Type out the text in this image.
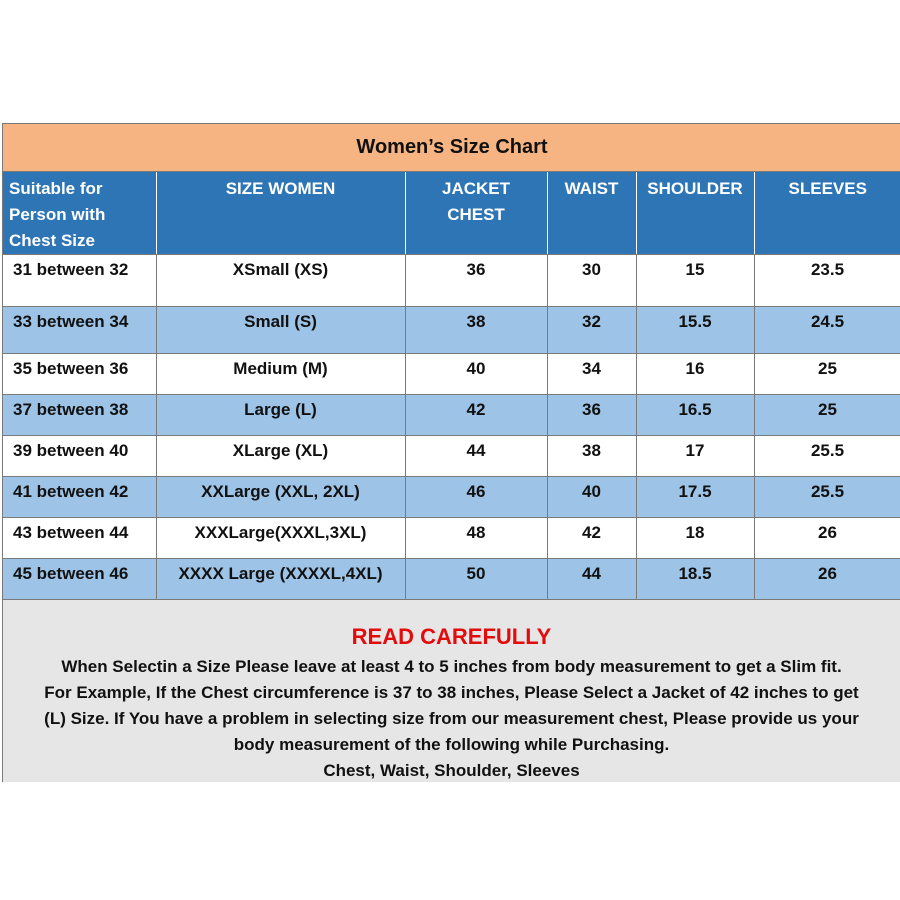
Women’s Size Chart
Suitable for Person with Chest Size	SIZE WOMEN	JACKET CHEST	WAIST	SHOULDER	SLEEVES
31 between 32	XSmall (XS)	36	30	15	23.5
33 between 34	Small (S)	38	32	15.5	24.5
35 between 36	Medium (M)	40	34	16	25
37 between 38	Large (L)	42	36	16.5	25
39 between 40	XLarge (XL)	44	38	17	25.5
41 between 42	XXLarge (XXL, 2XL)	46	40	17.5	25.5
43 between 44	XXXLarge(XXXL,3XL)	48	42	18	26
45 between 46	XXXX Large (XXXXL,4XL)	50	44	18.5	26
READ CAREFULLY
When Selectin a Size Please leave at least 4 to 5 inches from body measurement to get a Slim fit.
For Example, If the Chest circumference is 37 to 38 inches, Please Select a Jacket of 42 inches to get
(L) Size. If You have a problem in selecting size from our measurement chest, Please provide us your
body measurement of the following while Purchasing.
Chest, Waist, Shoulder, Sleeves
